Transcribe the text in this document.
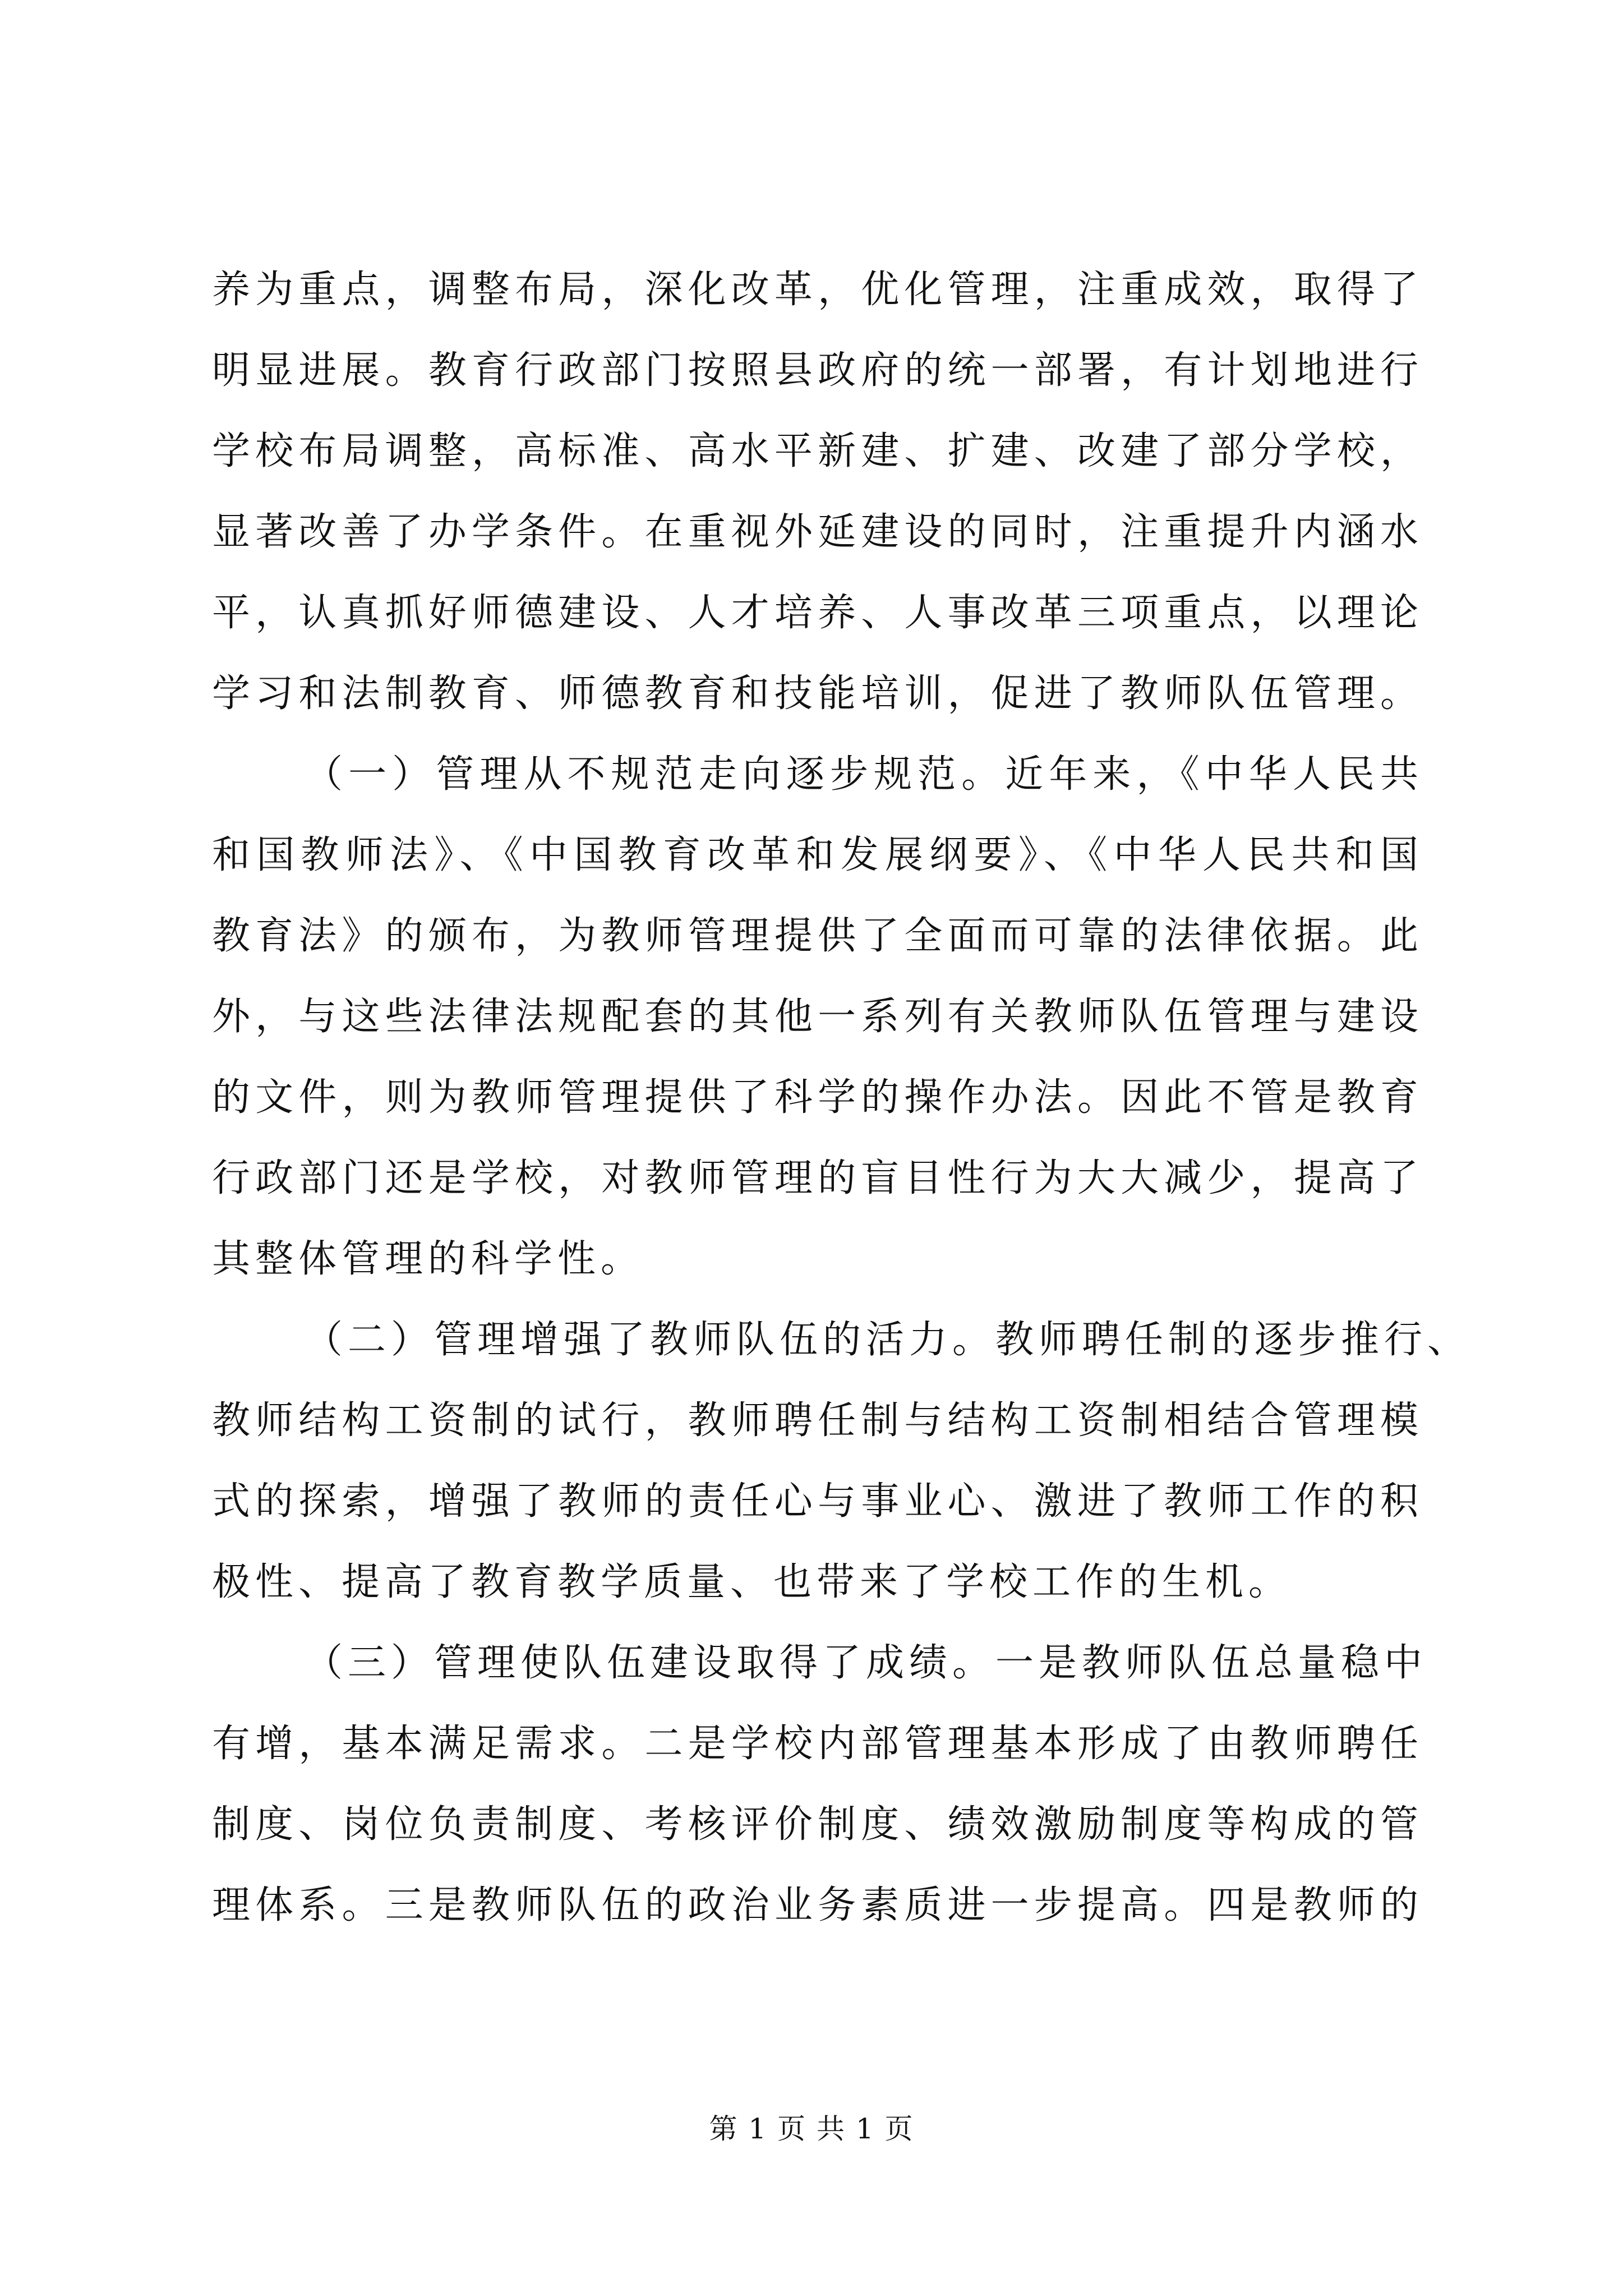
养为重点，调整布局，深化改革，优化管理，注重成效，取得了
明显进展。教育行政部门按照县政府的统一部署，有计划地进行
学校布局调整，高标准、高水平新建、扩建、改建了部分学校，
显著改善了办学条件。在重视外延建设的同时，注重提升内涵水
平，认真抓好师德建设、人才培养、人事改革三项重点，以理论
学习和法制教育、师德教育和技能培训，促进了教师队伍管理。
（一）管理从不规范走向逐步规范。近年来，《中华人民共
和国教师法》、《中国教育改革和发展纲要》、《中华人民共和国
教育法》的颁布，为教师管理提供了全面而可靠的法律依据。此
外，与这些法律法规配套的其他一系列有关教师队伍管理与建设
的文件，则为教师管理提供了科学的操作办法。因此不管是教育
行政部门还是学校，对教师管理的盲目性行为大大减少，提高了
其整体管理的科学性。
（二）管理增强了教师队伍的活力。教师聘任制的逐步推行、
教师结构工资制的试行，教师聘任制与结构工资制相结合管理模
式的探索，增强了教师的责任心与事业心、激进了教师工作的积
极性、提高了教育教学质量、也带来了学校工作的生机。
（三）管理使队伍建设取得了成绩。一是教师队伍总量稳中
有增，基本满足需求。二是学校内部管理基本形成了由教师聘任
制度、岗位负责制度、考核评价制度、绩效激励制度等构成的管
理体系。三是教师队伍的政治业务素质进一步提高。四是教师的
第 1 页 共 1 页
